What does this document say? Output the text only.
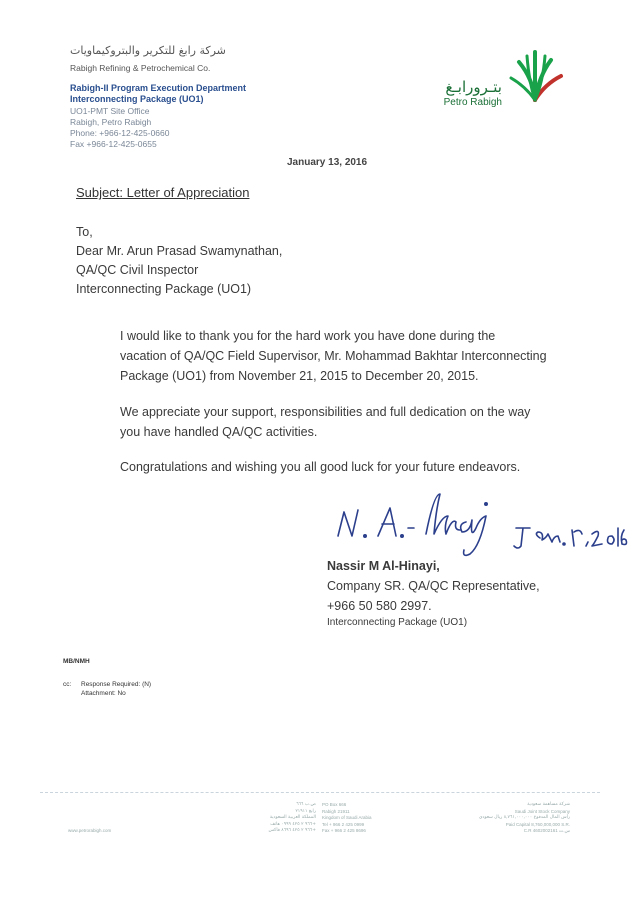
شركة رابغ للتكرير والبتروكيماويات
Rabigh Refining & Petrochemical Co.
Rabigh-II Program Execution Department
Interconnecting Package (UO1)
UO1-PMT Site Office
Rabigh, Petro Rabigh
Phone: +966-12-425-0660
Fax +966-12-425-0655
بتـرورابـغ
Petro Rabigh
January 13, 2016
Subject: Letter of Appreciation
To,
Dear Mr. Arun Prasad Swamynathan,
QA/QC Civil Inspector
Interconnecting Package (UO1)
I would like to thank you for the hard work you have done during the
vacation of QA/QC Field Supervisor, Mr. Mohammad Bakhtar Interconnecting
Package (UO1) from November 21, 2015 to December 20, 2015.
We appreciate your support, responsibilities and full dedication on the way
you have handled QA/QC activities.
Congratulations and wishing you all good luck for your future endeavors.
Nassir M Al-Hinayi,
Company SR. QA/QC Representative,
+966 50 580 2997.
Interconnecting Package (UO1)
MB/NMH
cc: Response Required: (N)
Attachment: No
www.petrorabigh.com
ص.ب ٦٦٦
رابغ ٢١٩١١
المملكة العربية السعودية
+٩٦٦ ٢ ٤٢٥ ٠٩٩٩ هاتف
+٩٦٦ ٢ ٤٢٥ ٨٦٩٦ فاكس
PO Box 666
Rabigh 21911
Kingdom of Saudi Arabia
Tel + 966 2 425 0999
Fax + 966 2 425 8696
شركة مساهمة سعودية
Saudi Joint Stock Company
رأس المال المدفوع ٨,٧٦١,٠٠٠,٠٠٠ ريال سعودي
Paid Capital 8,760,000,000 S.R.
C.R 4602002161 س.ت
